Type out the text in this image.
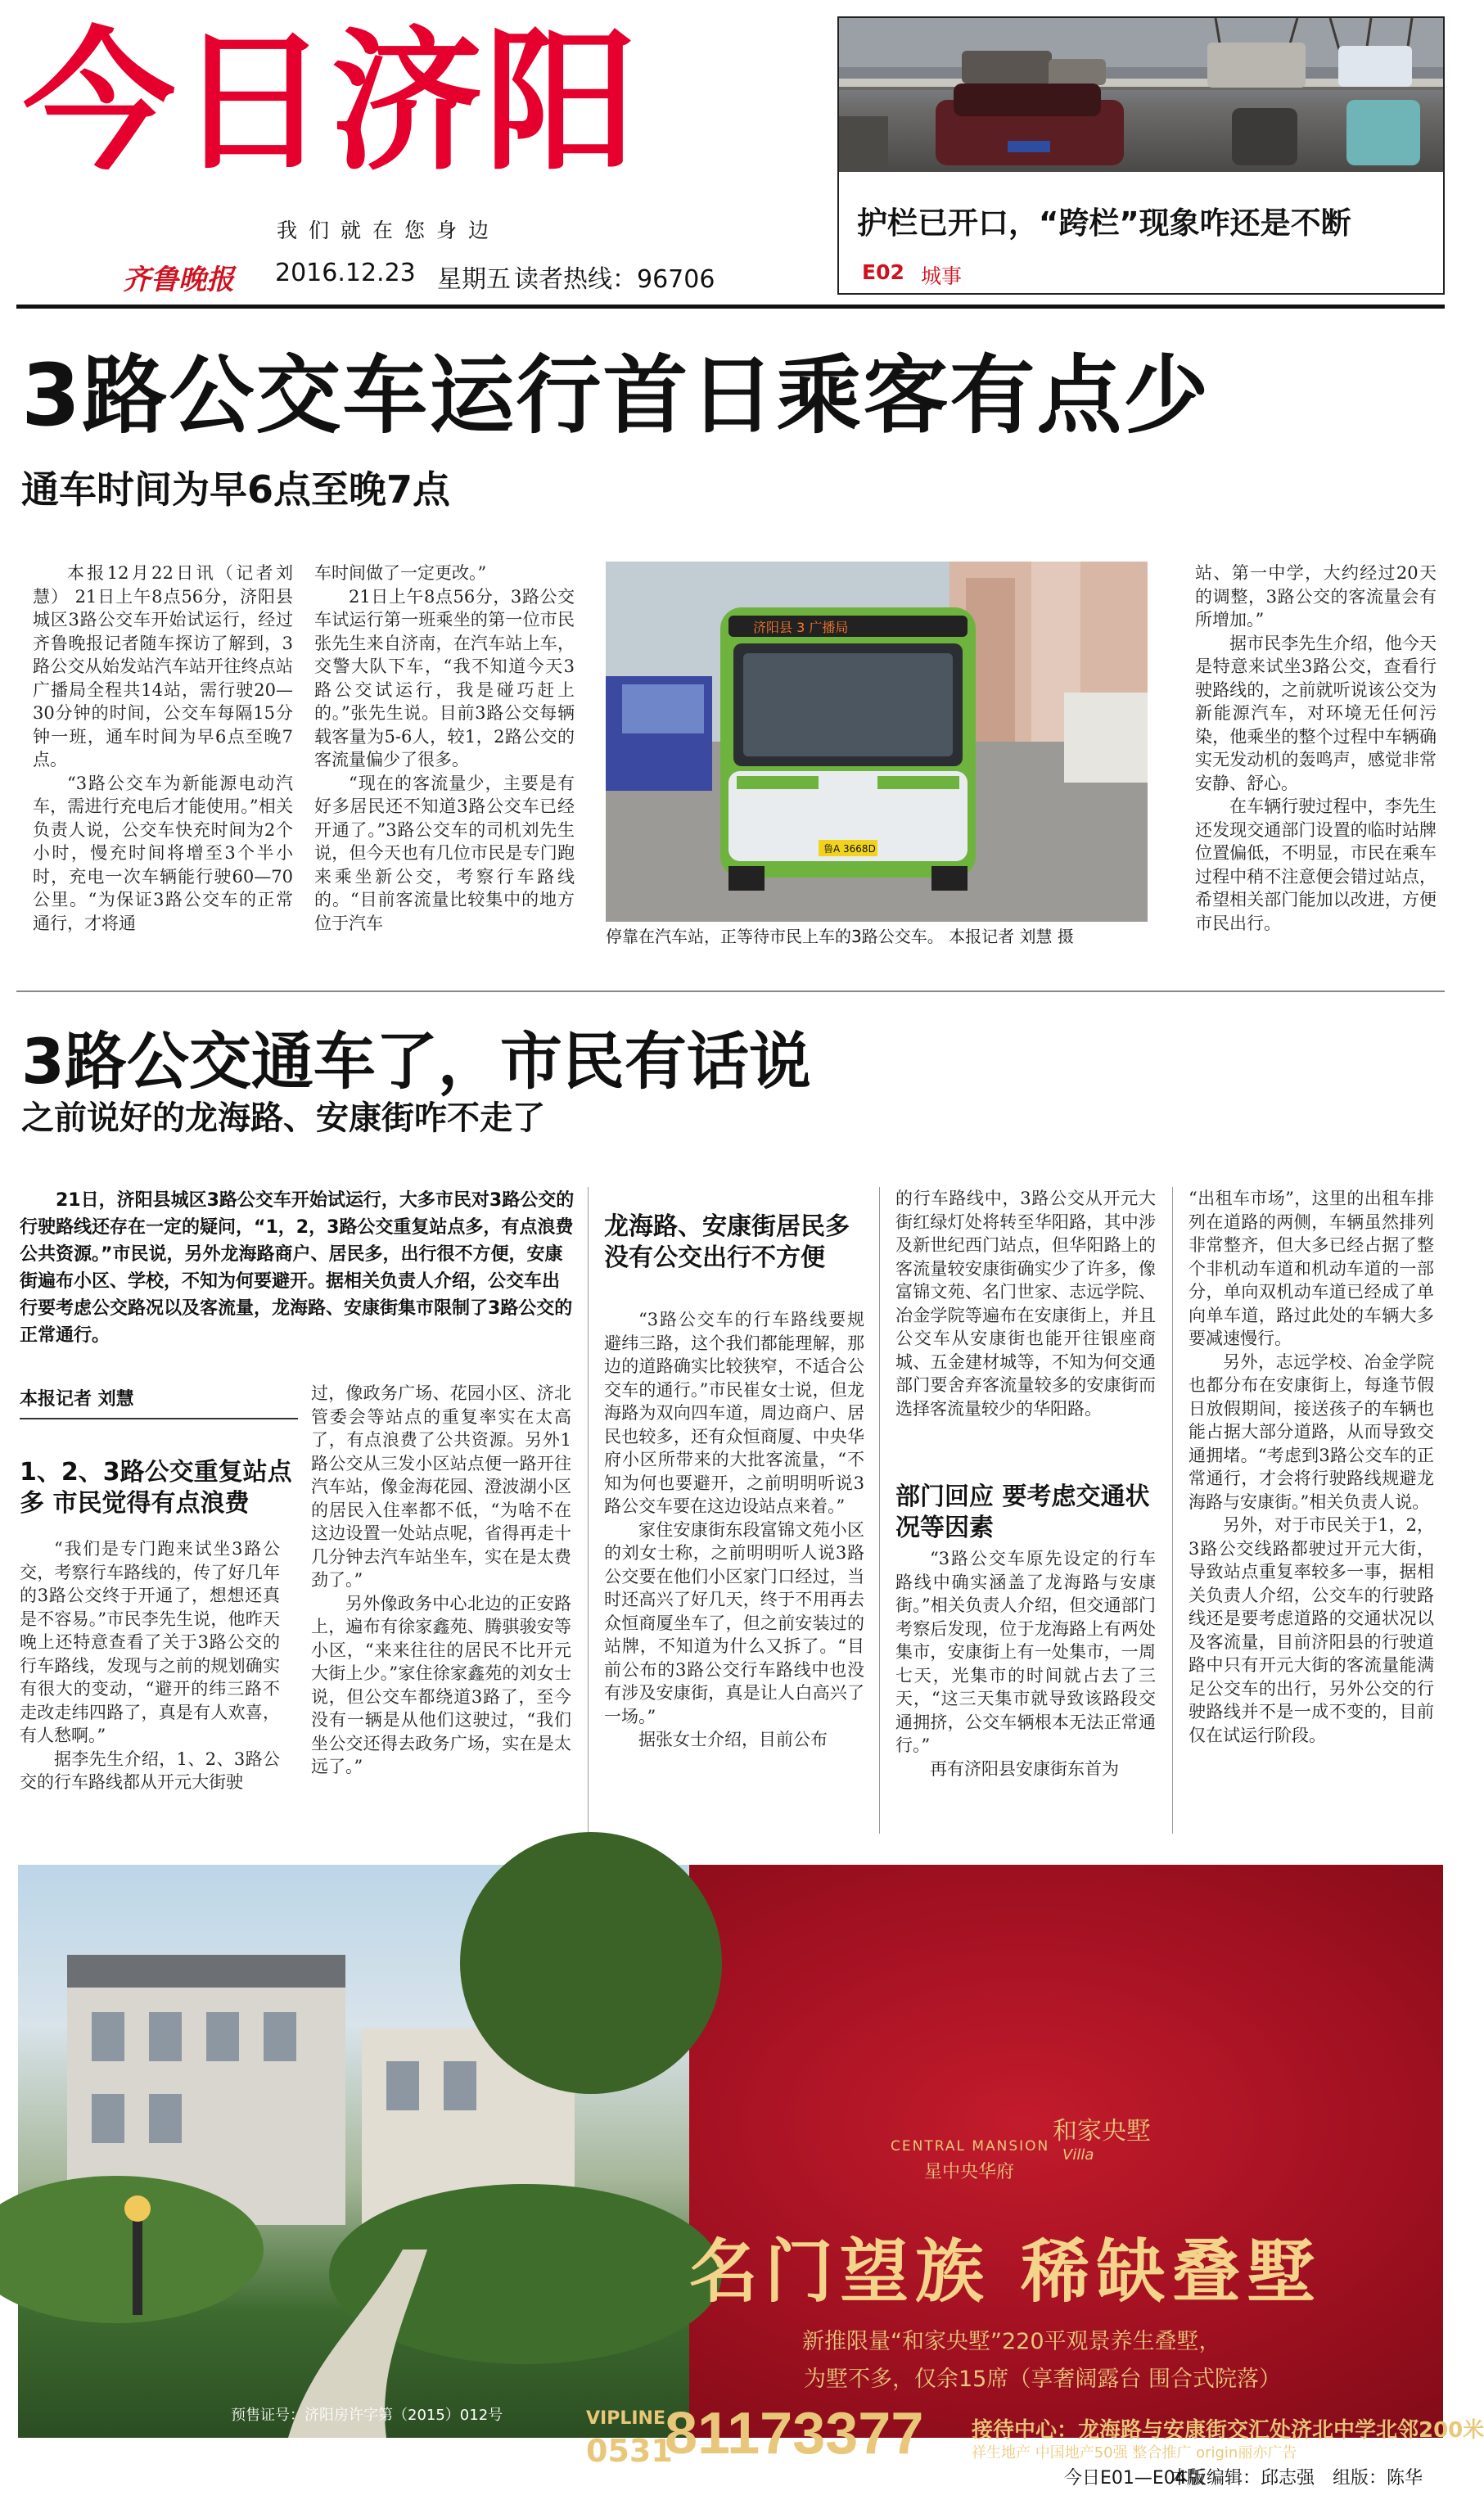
今日济阳
我们就在您身边
齐鲁晚报 2016.12.23 星期五 读者热线：96706
护栏已开口，“跨栏”现象咋还是不断
E02 城事
3路公交车运行首日乘客有点少
通车时间为早6点至晚7点

本报12月22日讯（记者刘慧） 21日上午8点56分，济阳县城区3路公交车开始试运行，经过齐鲁晚报记者随车探访了解到，3路公交从始发站汽车站开往终点站广播局全程共14站，需行驶20—30分钟的时间，公交车每隔15分钟一班，通车时间为早6点至晚7点。

“3路公交车为新能源电动汽车，需进行充电后才能使用。”相关负责人说，公交车快充时间为2个小时，慢充时间将增至3个半小时，充电一次车辆能行驶60—70公里。“为保证3路公交车的正常通行，才将通

车时间做了一定更改。”

21日上午8点56分，3路公交车试运行第一班乘坐的第一位市民张先生来自济南，在汽车站上车，交警大队下车，“我不知道今天3路公交试运行，我是碰巧赶上的。”张先生说。目前3路公交每辆载客量为5-6人，较1，2路公交的客流量偏少了很多。

“现在的客流量少，主要是有好多居民还不知道3路公交车已经开通了。”3路公交车的司机刘先生说，但今天也有几位市民是专门跑来乘坐新公交，考察行车路线的。“目前客流量比较集中的地方位于汽车

济阳县 3 广播局
鲁A 3668D
停靠在汽车站，正等待市民上车的3路公交车。 本报记者 刘慧 摄

站、第一中学，大约经过20天的调整，3路公交的客流量会有所增加。”

据市民李先生介绍，他今天是特意来试坐3路公交，查看行驶路线的，之前就听说该公交为新能源汽车，对环境无任何污染，他乘坐的整个过程中车辆确实无发动机的轰鸣声，感觉非常安静、舒心。

在车辆行驶过程中，李先生还发现交通部门设置的临时站牌位置偏低，不明显，市民在乘车过程中稍不注意便会错过站点，希望相关部门能加以改进，方便市民出行。

3路公交通车了，市民有话说
之前说好的龙海路、安康街咋不走了
21日，济阳县城区3路公交车开始试运行，大多市民对3路公交的行驶路线还存在一定的疑问，“1，2，3路公交重复站点多，有点浪费公共资源。”市民说，另外龙海路商户、居民多，出行很不方便，安康街遍布小区、学校，不知为何要避开。据相关负责人介绍，公交车出行要考虑公交路况以及客流量，龙海路、安康街集市限制了3路公交的正常通行。
本报记者 刘慧
1、2、3路公交重复站点多 市民觉得有点浪费

“我们是专门跑来试坐3路公交，考察行车路线的，传了好几年的3路公交终于开通了，想想还真是不容易。”市民李先生说，他昨天晚上还特意查看了关于3路公交的行车路线，发现与之前的规划确实有很大的变动，“避开的纬三路不走改走纬四路了，真是有人欢喜，有人愁啊。”

据李先生介绍，1、2、3路公交的行车路线都从开元大街驶

过，像政务广场、花园小区、济北管委会等站点的重复率实在太高了，有点浪费了公共资源。另外1路公交从三发小区站点便一路开往汽车站，像金海花园、澄波湖小区的居民入住率都不低，“为啥不在这边设置一处站点呢，省得再走十几分钟去汽车站坐车，实在是太费劲了。”

另外像政务中心北边的正安路上，遍布有徐家鑫苑、腾骐骏安等小区，“来来往往的居民不比开元大街上少。”家住徐家鑫苑的刘女士说，但公交车都绕道3路了，至今没有一辆是从他们这驶过，“我们坐公交还得去政务广场，实在是太远了。”

“3路公交车的行车路线要规避纬三路，这个我们都能理解，那边的道路确实比较狭窄，不适合公交车的通行。”市民崔女士说，但龙海路为双向四车道，周边商户、居民也较多，还有众恒商厦、中央华府小区所带来的大批客流量，“不知为何也要避开，之前明明听说3路公交车要在这边设站点来着。”

家住安康街东段富锦文苑小区的刘女士称，之前明明听人说3路公交要在他们小区家门口经过，当时还高兴了好几天，终于不用再去众恒商厦坐车了，但之前安装过的站牌，不知道为什么又拆了。“目前公布的3路公交行车路线中也没有涉及安康街，真是让人白高兴了一场。”

据张女士介绍，目前公布

龙海路、安康街居民多 没有公交出行不方便

的行车路线中，3路公交从开元大街红绿灯处将转至华阳路，其中涉及新世纪西门站点，但华阳路上的客流量较安康街确实少了许多，像富锦文苑、名门世家、志远学院、冶金学院等遍布在安康街上，并且公交车从安康街也能开往银座商城、五金建材城等，不知为何交通部门要舍弃客流量较多的安康街而选择客流量较少的华阳路。

“3路公交车原先设定的行车路线中确实涵盖了龙海路与安康街。”相关负责人介绍，但交通部门考察后发现，位于龙海路上有两处集市，安康街上有一处集市，一周七天，光集市的时间就占去了三天，“这三天集市就导致该路段交通拥挤，公交车辆根本无法正常通行。”

再有济阳县安康街东首为

部门回应 要考虑交通状况等因素

“出租车市场”，这里的出租车排列在道路的两侧，车辆虽然排列非常整齐，但大多已经占据了整个非机动车道和机动车道的一部分，单向双机动车道已经成了单向单车道，路过此处的车辆大多要减速慢行。

另外，志远学校、冶金学院也都分布在安康街上，每逢节假日放假期间，接送孩子的车辆也能占据大部分道路，从而导致交通拥堵。“考虑到3路公交车的正常通行，才会将行驶路线规避龙海路与安康街。”相关负责人说。

另外，对于市民关于1，2，3路公交线路都驶过开元大街，导致站点重复率较多一事，据相关负责人介绍，公交车的行驶路线还是要考虑道路的交通状况以及客流量，目前济阳县的行驶道路中只有开元大街的客流量能满足公交车的出行，另外公交的行驶路线并不是一成不变的，目前仅在试运行阶段。

CENTRAL MANSION
星中央华府
和家央墅
Villa
名门望族 稀缺叠墅
新推限量“和家央墅”220平观景养生叠墅，
为墅不多，仅余15席（享奢阔露台 围合式院落）
VIPLINE
0531
81173377 接待中心：龙海路与安康街交汇处济北中学北邻200米
祥生地产 中国地产50强 整合推广 origin丽亦广告
预售证号：济阳房许字第（2015）012号
今日E01—E04版
本版编辑：邱志强 组版：陈华
